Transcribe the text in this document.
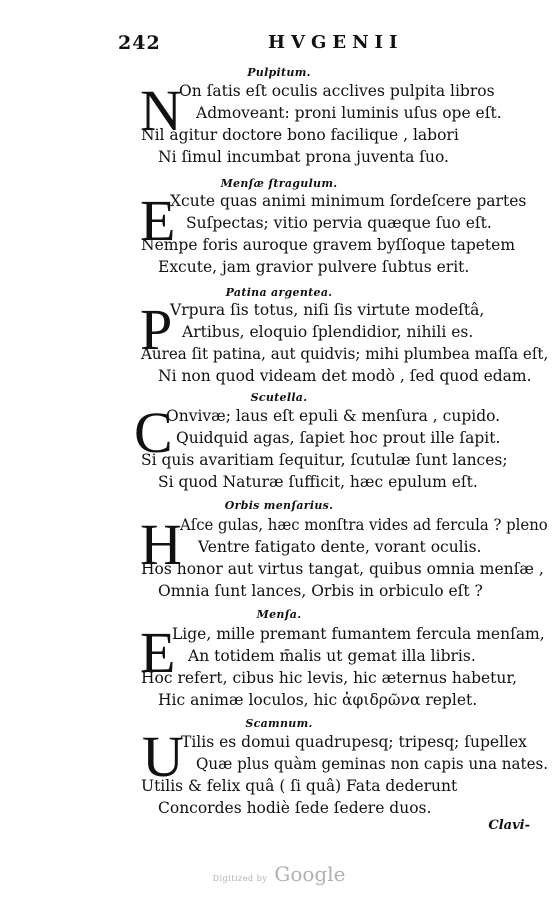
242	HVGENII
Pulpitum.
N
On ſatis eſt oculis acclives pulpita libros
Admoveant: proni luminis uſus ope eſt.
Nil agitur doctore bono facilique , labori
Ni ſimul incumbat prona juventa ſuo.
Menſæ ſtragulum.
E
Xcute quas animi minimum ſordeſcere partes
Suſpectas; vitio pervia quæque ſuo eſt.
Nempe foris auroque gravem byſſoque tapetem
Excute, jam gravior pulvere ſubtus erit.
Patina argentea.
P
Vrpura ſis totus, niſi ſis virtute modeſtâ,
Artibus, eloquio ſplendidior, nihili es.
Aurea ſit patina, aut quidvis; mihi plumbea maſſa eſt,
Ni non quod videam det modò , ſed quod edam.
Scutella.
C
Onvivæ; laus eſt epuli & menſura , cupido.
Quidquid agas, ſapiet hoc prout ille ſapit.
Si quis avaritiam ſequitur, ſcutulæ ſunt lances;
Si quod Naturæ ſufficit, hæc epulum eſt.
Orbis menſarius.
H
Aſce gulas, hæc monſtra vides ad fercula ? pleno
Ventre fatigato dente, vorant oculis.
Hos honor aut virtus tangat, quibus omnia menſæ ,
Omnia ſunt lances, Orbis in orbiculo eſt ?
Menſa.
E
Lige, mille premant fumantem fercula menſam,
An totidem m̄alis ut gemat illa libris.
Hoc refert, cibus hic levis, hic æternus habetur,
Hic animæ loculos, hic ἀφιδρῶνα replet.
Scamnum.
U
Tilis es domui quadrupesq; tripesq; ſupellex
Quæ plus quàm geminas non capis una nates.
Utilis & felix quâ ( ſi quâ) Fata dederunt
Concordes hodiè ſede ſedere duos.
Clavi-
Digitized by Google
